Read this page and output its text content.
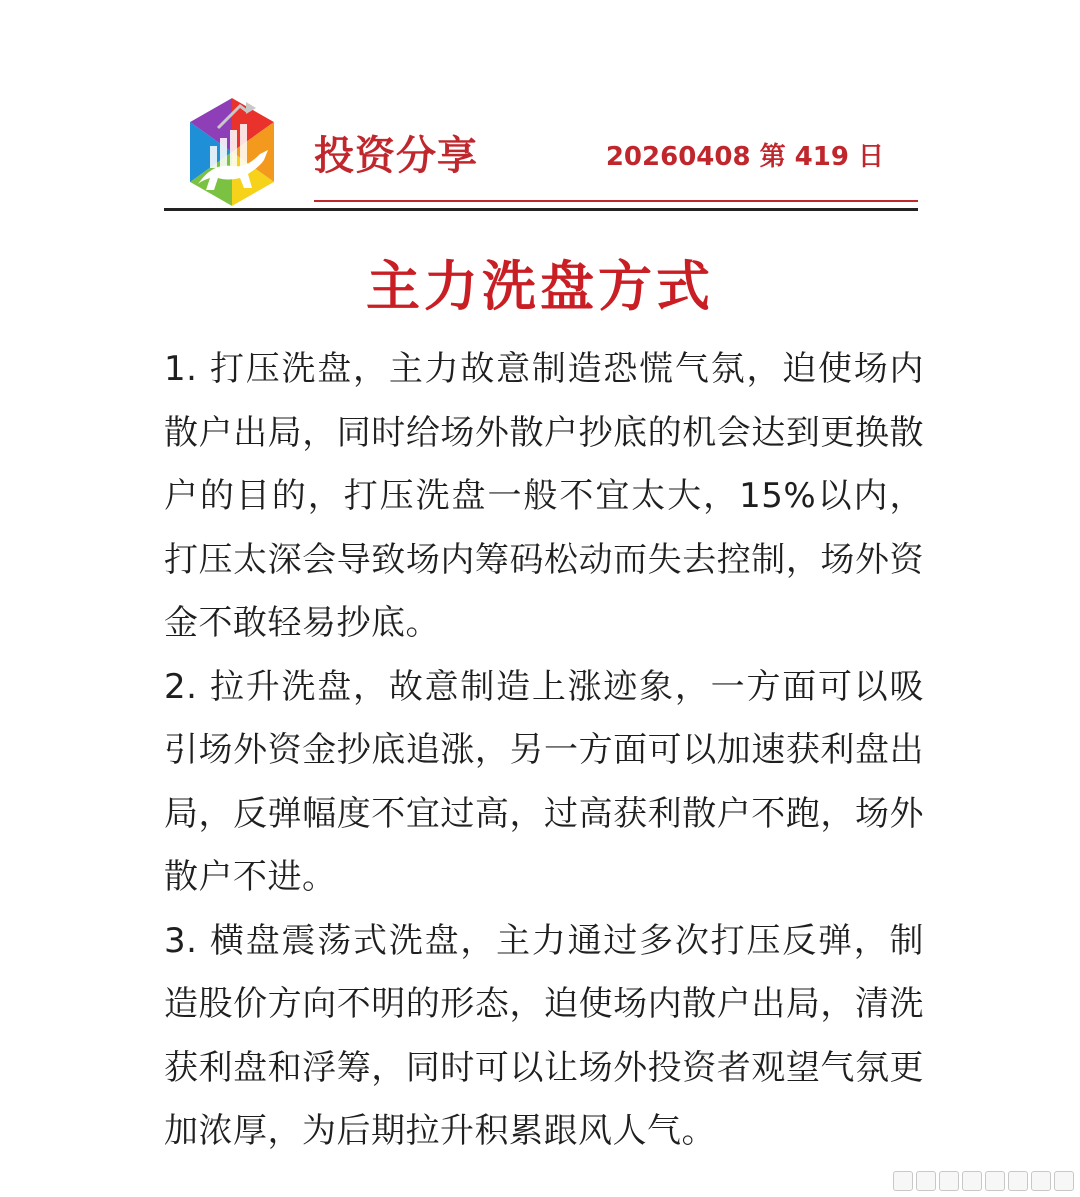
投资分享	20260408 第 419 日
主力洗盘方式

1. 打压洗盘，主力故意制造恐慌气氛，迫使场内散户出局，同时给场外散户抄底的机会达到更换散户的目的，打压洗盘一般不宜太大，15%以内，打压太深会导致场内筹码松动而失去控制，场外资金不敢轻易抄底。

2. 拉升洗盘，故意制造上涨迹象，一方面可以吸引场外资金抄底追涨，另一方面可以加速获利盘出局，反弹幅度不宜过高，过高获利散户不跑，场外散户不进。

3. 横盘震荡式洗盘，主力通过多次打压反弹，制造股价方向不明的形态，迫使场内散户出局，清洗获利盘和浮筹，同时可以让场外投资者观望气氛更加浓厚，为后期拉升积累跟风人气。
